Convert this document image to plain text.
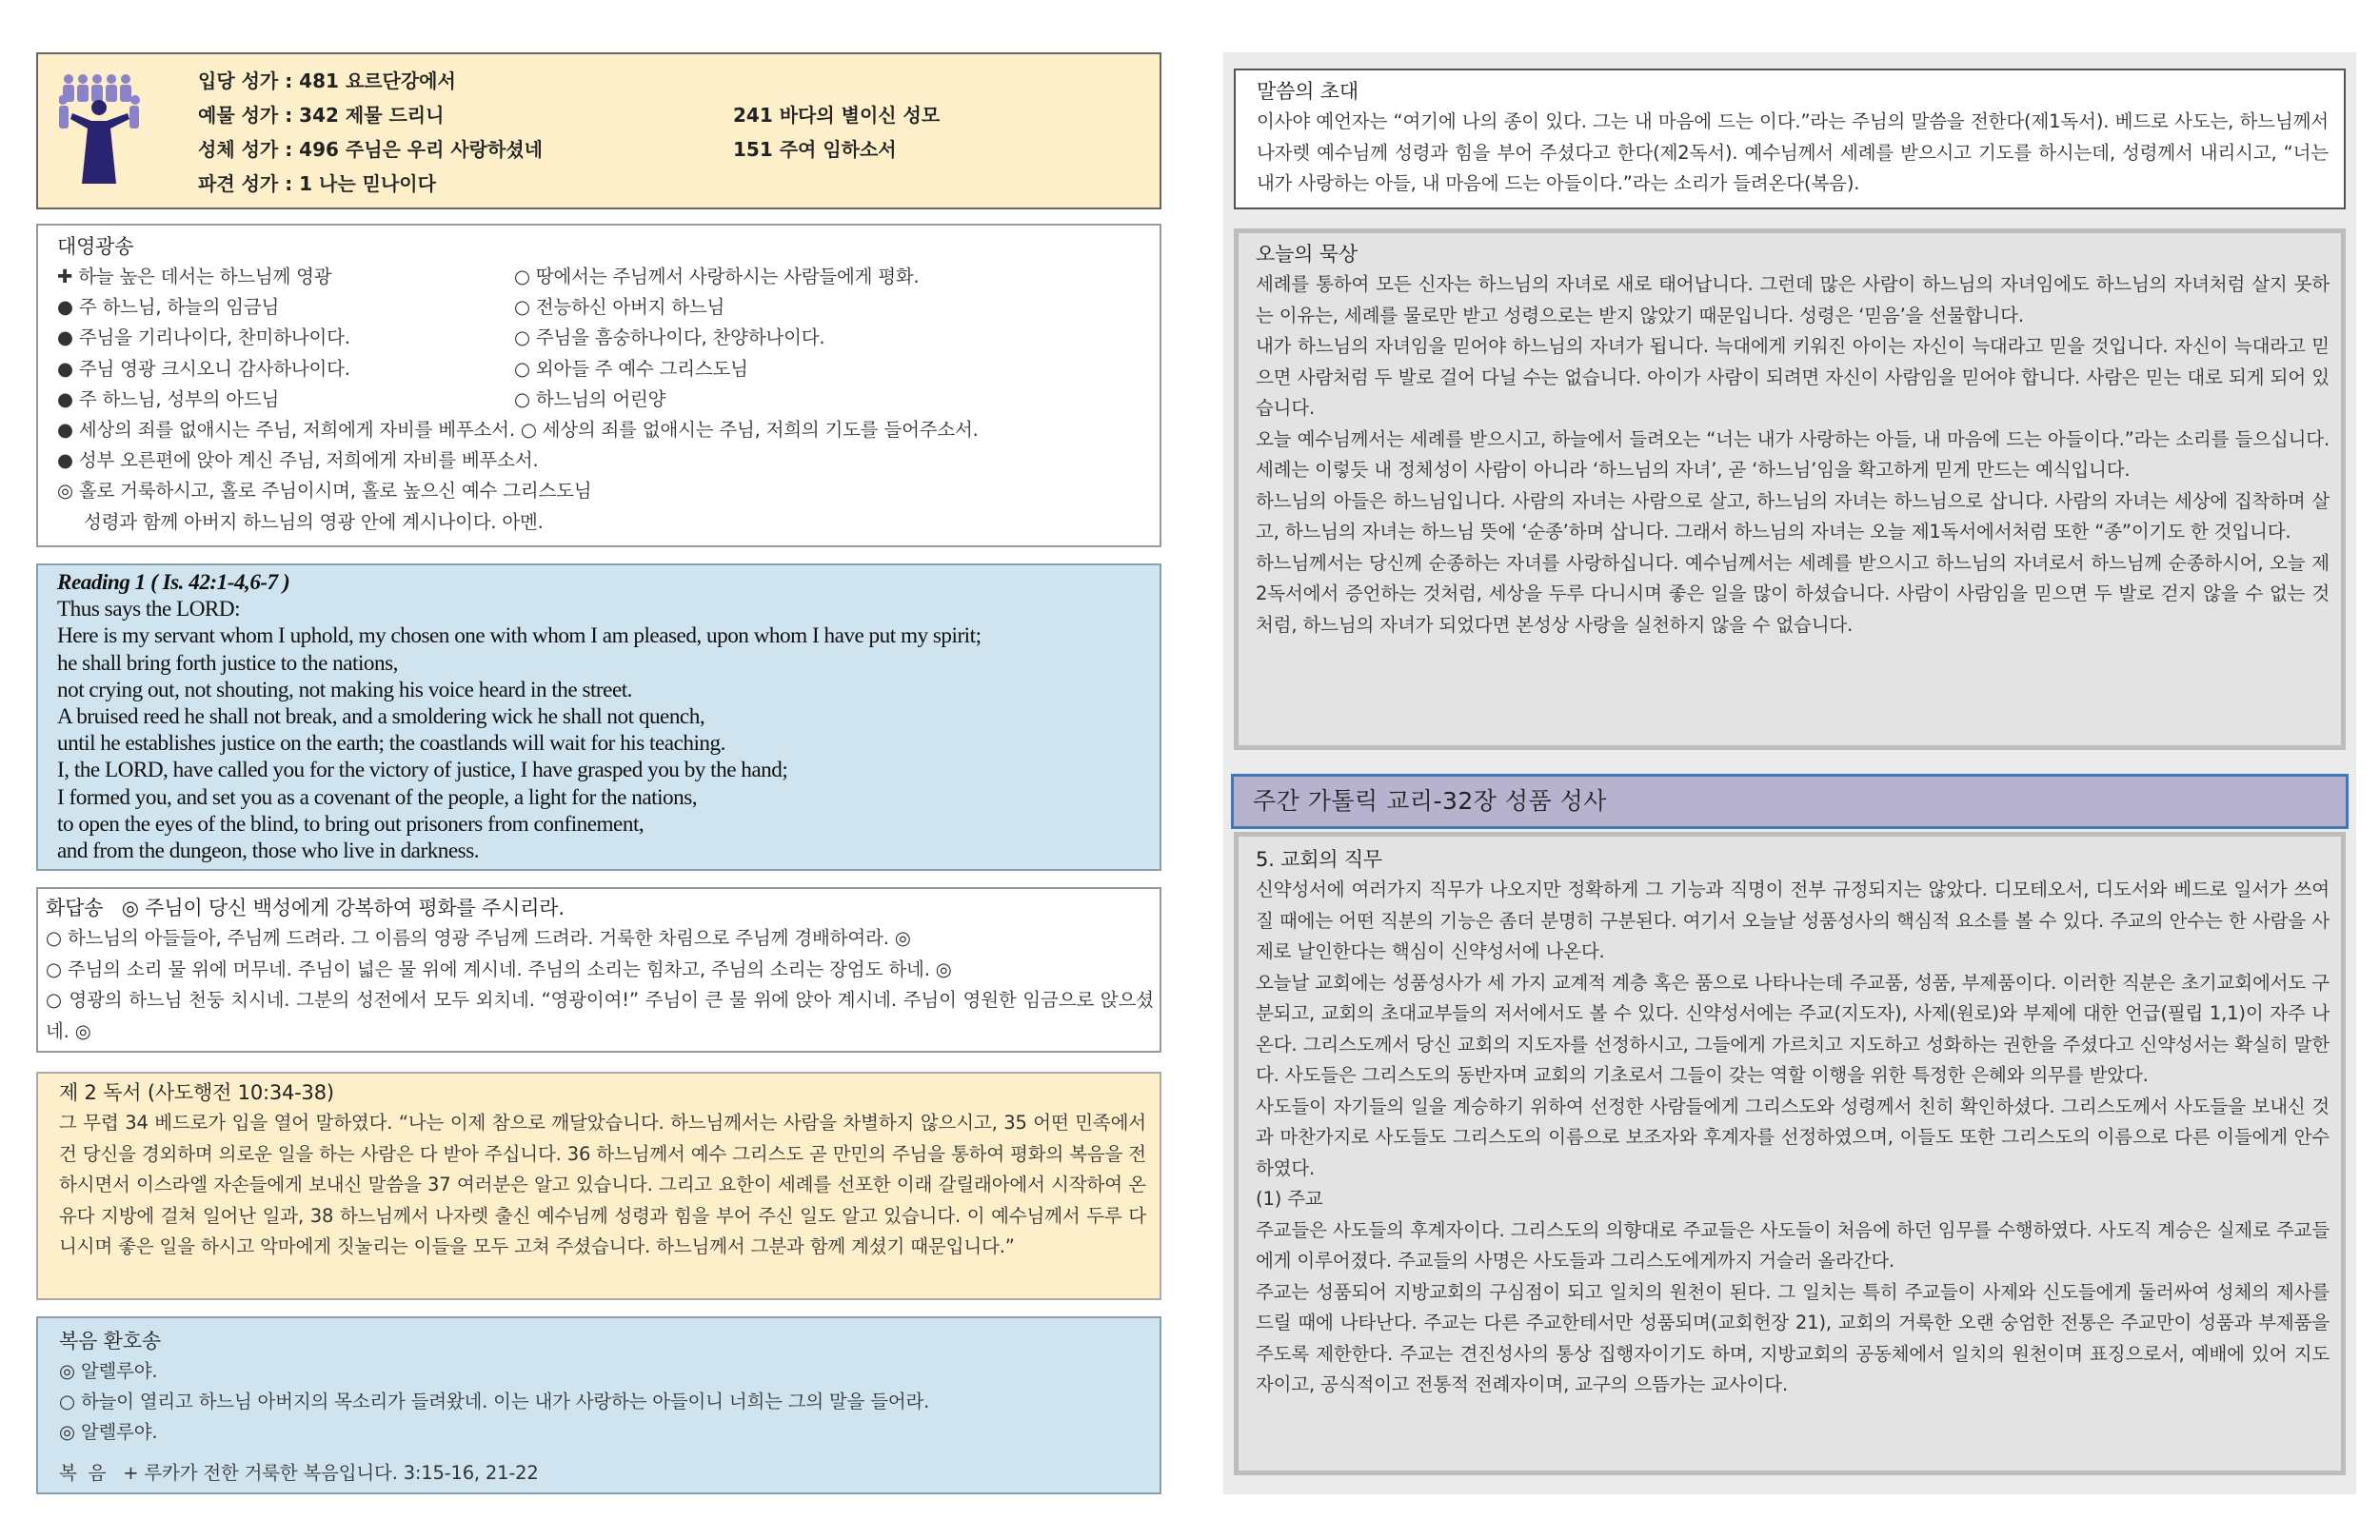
입당 성가 : 481 요르단강에서
예물 성가 : 342 제물 드리니	241 바다의 별이신 성모
성체 성가 : 496 주님은 우리 사랑하셨네	151 주여 임하소서
파견 성가 : 1 나는 믿나이다
대영광송
✚ 하늘 높은 데서는 하느님께 영광
● 주 하느님, 하늘의 임금님
● 주님을 기리나이다, 찬미하나이다.
● 주님 영광 크시오니 감사하나이다.
● 주 하느님, 성부의 아드님
○ 땅에서는 주님께서 사랑하시는 사람들에게 평화.
○ 전능하신 아버지 하느님
○ 주님을 흠숭하나이다, 찬양하나이다.
○ 외아들 주 예수 그리스도님
○ 하느님의 어린양
● 세상의 죄를 없애시는 주님, 저희에게 자비를 베푸소서. ○ 세상의 죄를 없애시는 주님, 저희의 기도를 들어주소서.
● 성부 오른편에 앉아 계신 주님, 저희에게 자비를 베푸소서.
◎ 홀로 거룩하시고, 홀로 주님이시며, 홀로 높으신 예수 그리스도님
성령과 함께 아버지 하느님의 영광 안에 계시나이다. 아멘.
Reading 1 ( Is. 42:1-4,6-7 )
Thus says the LORD:
Here is my servant whom I uphold, my chosen one with whom I am pleased, upon whom I have put my spirit;
he shall bring forth justice to the nations,
not crying out, not shouting, not making his voice heard in the street.
A bruised reed he shall not break, and a smoldering wick he shall not quench,
until he establishes justice on the earth; the coastlands will wait for his teaching.
I, the LORD, have called you for the victory of justice, I have grasped you by the hand;
I formed you, and set you as a covenant of the people, a light for the nations,
to open the eyes of the blind, to bring out prisoners from confinement,
and from the dungeon, those who live in darkness.
화답송 ◎ 주님이 당신 백성에게 강복하여 평화를 주시리라.
○ 하느님의 아들들아, 주님께 드려라. 그 이름의 영광 주님께 드려라. 거룩한 차림으로 주님께 경배하여라. ◎
○ 주님의 소리 물 위에 머무네. 주님이 넓은 물 위에 계시네. 주님의 소리는 힘차고, 주님의 소리는 장엄도 하네. ◎
○ 영광의 하느님 천둥 치시네. 그분의 성전에서 모두 외치네. “영광이여!” 주님이 큰 물 위에 앉아 계시네. 주님이 영원한 임금으로 앉으셨네. ◎
제 2 독서 (사도행전 10:34-38)
그 무렵 34 베드로가 입을 열어 말하였다. “나는 이제 참으로 깨달았습니다. 하느님께서는 사람을 차별하지 않으시고, 35 어떤 민족에서건 당신을 경외하며 의로운 일을 하는 사람은 다 받아 주십니다. 36 하느님께서 예수 그리스도 곧 만민의 주님을 통하여 평화의 복음을 전하시면서 이스라엘 자손들에게 보내신 말씀을 37 여러분은 알고 있습니다. 그리고 요한이 세례를 선포한 이래 갈릴래아에서 시작하여 온 유다 지방에 걸쳐 일어난 일과, 38 하느님께서 나자렛 출신 예수님께 성령과 힘을 부어 주신 일도 알고 있습니다. 이 예수님께서 두루 다니시며 좋은 일을 하시고 악마에게 짓눌리는 이들을 모두 고쳐 주셨습니다. 하느님께서 그분과 함께 계셨기 때문입니다.”
복음 환호송
◎ 알렐루야.
○ 하늘이 열리고 하느님 아버지의 목소리가 들려왔네. 이는 내가 사랑하는 아들이니 너희는 그의 말을 들어라.
◎ 알렐루야.
복  음 + 루카가 전한 거룩한 복음입니다. 3:15-16, 21-22
말씀의 초대
이사야 예언자는 “여기에 나의 종이 있다. 그는 내 마음에 드는 이다.”라는 주님의 말씀을 전한다(제1독서). 베드로 사도는, 하느님께서 나자렛 예수님께 성령과 힘을 부어 주셨다고 한다(제2독서). 예수님께서 세례를 받으시고 기도를 하시는데, 성령께서 내리시고, “너는 내가 사랑하는 아들, 내 마음에 드는 아들이다.”라는 소리가 들려온다(복음).
오늘의 묵상
세례를 통하여 모든 신자는 하느님의 자녀로 새로 태어납니다. 그런데 많은 사람이 하느님의 자녀임에도 하느님의 자녀처럼 살지 못하는 이유는, 세례를 물로만 받고 성령으로는 받지 않았기 때문입니다. 성령은 ‘믿음’을 선물합니다.
내가 하느님의 자녀임을 믿어야 하느님의 자녀가 됩니다. 늑대에게 키워진 아이는 자신이 늑대라고 믿을 것입니다. 자신이 늑대라고 믿으면 사람처럼 두 발로 걸어 다닐 수는 없습니다. 아이가 사람이 되려면 자신이 사람임을 믿어야 합니다. 사람은 믿는 대로 되게 되어 있습니다.
오늘 예수님께서는 세례를 받으시고, 하늘에서 들려오는 “너는 내가 사랑하는 아들, 내 마음에 드는 아들이다.”라는 소리를 들으십니다. 세례는 이렇듯 내 정체성이 사람이 아니라 ‘하느님의 자녀’, 곧 ‘하느님’임을 확고하게 믿게 만드는 예식입니다.
하느님의 아들은 하느님입니다. 사람의 자녀는 사람으로 살고, 하느님의 자녀는 하느님으로 삽니다. 사람의 자녀는 세상에 집착하며 살고, 하느님의 자녀는 하느님 뜻에 ‘순종’하며 삽니다. 그래서 하느님의 자녀는 오늘 제1독서에서처럼 또한 “종”이기도 한 것입니다.
하느님께서는 당신께 순종하는 자녀를 사랑하십니다. 예수님께서는 세례를 받으시고 하느님의 자녀로서 하느님께 순종하시어, 오늘 제2독서에서 증언하는 것처럼, 세상을 두루 다니시며 좋은 일을 많이 하셨습니다. 사람이 사람임을 믿으면 두 발로 걷지 않을 수 없는 것처럼, 하느님의 자녀가 되었다면 본성상 사랑을 실천하지 않을 수 없습니다.
주간 가톨릭 교리-32장 성품 성사
5. 교회의 직무
신약성서에 여러가지 직무가 나오지만 정확하게 그 기능과 직명이 전부 규정되지는 않았다. 디모테오서, 디도서와 베드로 일서가 쓰여질 때에는 어떤 직분의 기능은 좀더 분명히 구분된다. 여기서 오늘날 성품성사의 핵심적 요소를 볼 수 있다. 주교의 안수는 한 사람을 사제로 날인한다는 핵심이 신약성서에 나온다.
오늘날 교회에는 성품성사가 세 가지 교계적 계층 혹은 품으로 나타나는데 주교품, 성품, 부제품이다. 이러한 직분은 초기교회에서도 구분되고, 교회의 초대교부들의 저서에서도 볼 수 있다. 신약성서에는 주교(지도자), 사제(원로)와 부제에 대한 언급(필립 1,1)이 자주 나온다. 그리스도께서 당신 교회의 지도자를 선정하시고, 그들에게 가르치고 지도하고 성화하는 권한을 주셨다고 신약성서는 확실히 말한다. 사도들은 그리스도의 동반자며 교회의 기초로서 그들이 갖는 역할 이행을 위한 특정한 은혜와 의무를 받았다.
사도들이 자기들의 일을 계승하기 위하여 선정한 사람들에게 그리스도와 성령께서 친히 확인하셨다. 그리스도께서 사도들을 보내신 것과 마찬가지로 사도들도 그리스도의 이름으로 보조자와 후계자를 선정하였으며, 이들도 또한 그리스도의 이름으로 다른 이들에게 안수하였다.
(1) 주교
주교들은 사도들의 후계자이다. 그리스도의 의향대로 주교들은 사도들이 처음에 하던 임무를 수행하였다. 사도직 계승은 실제로 주교들에게 이루어졌다. 주교들의 사명은 사도들과 그리스도에게까지 거슬러 올라간다.
주교는 성품되어 지방교회의 구심점이 되고 일치의 원천이 된다. 그 일치는 특히 주교들이 사제와 신도들에게 둘러싸여 성체의 제사를 드릴 때에 나타난다. 주교는 다른 주교한테서만 성품되며(교회헌장 21), 교회의 거룩한 오랜 숭엄한 전통은 주교만이 성품과 부제품을 주도록 제한한다. 주교는 견진성사의 통상 집행자이기도 하며, 지방교회의 공동체에서 일치의 원천이며 표징으로서, 예배에 있어 지도자이고, 공식적이고 전통적 전례자이며, 교구의 으뜸가는 교사이다.
